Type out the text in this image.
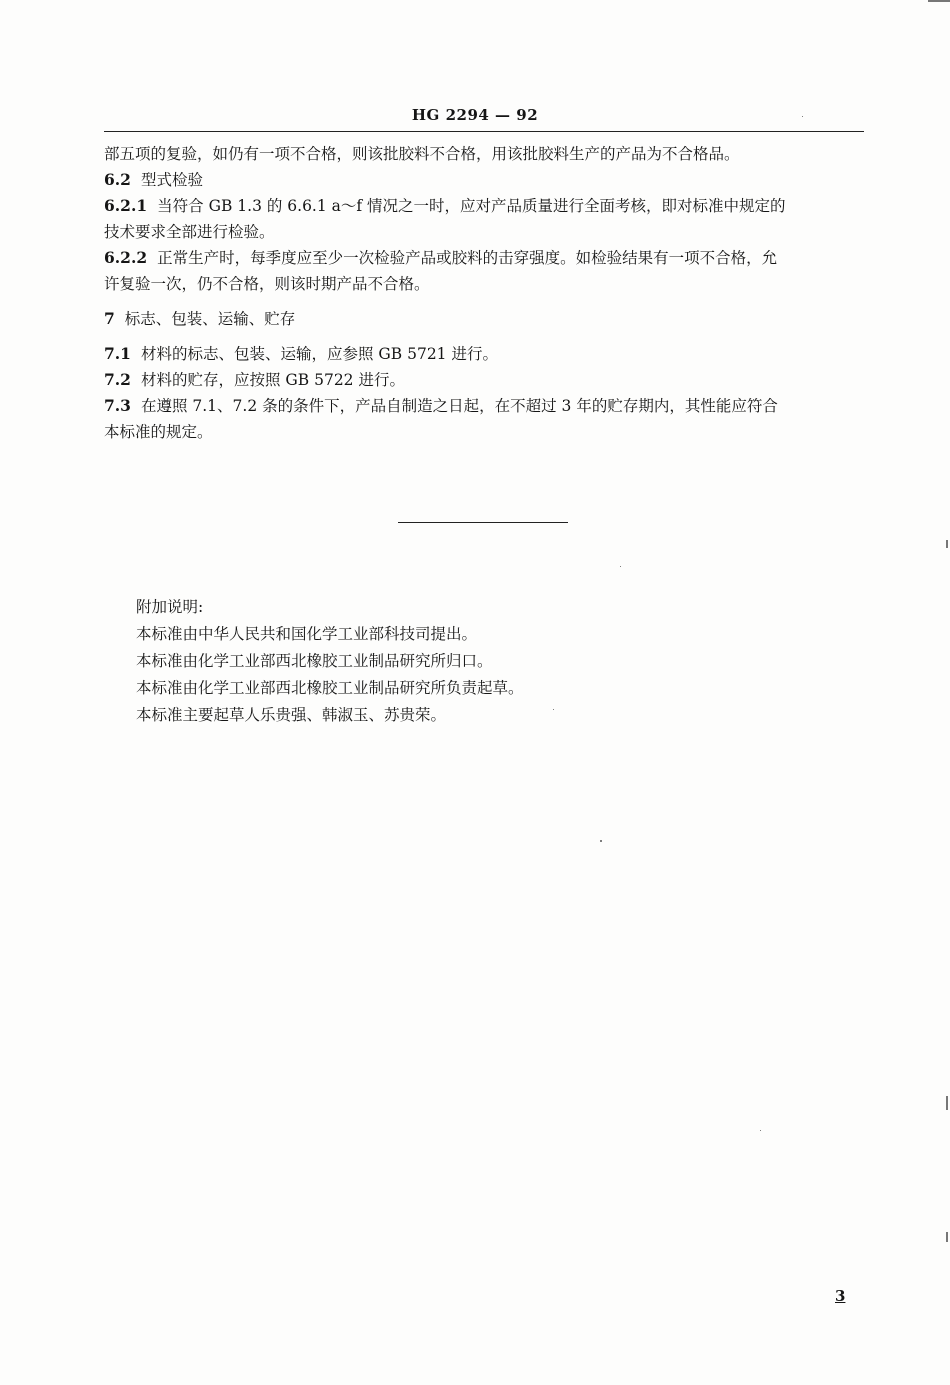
HG 2294 — 92
部五项的复验，如仍有一项不合格，则该批胶料不合格，用该批胶料生产的产品为不合格品。
6.2 型式检验
6.2.1 当符合 GB 1.3 的 6.6.1 a～f 情况之一时，应对产品质量进行全面考核，即对标准中规定的
技术要求全部进行检验。
6.2.2 正常生产时，每季度应至少一次检验产品或胶料的击穿强度。如检验结果有一项不合格，允
许复验一次，仍不合格，则该时期产品不合格。
7 标志、包装、运输、贮存
7.1 材料的标志、包装、运输，应参照 GB 5721 进行。
7.2 材料的贮存，应按照 GB 5722 进行。
7.3 在遵照 7.1、7.2 条的条件下，产品自制造之日起，在不超过 3 年的贮存期内，其性能应符合
本标准的规定。
附加说明:
本标准由中华人民共和国化学工业部科技司提出。
本标准由化学工业部西北橡胶工业制品研究所归口。
本标准由化学工业部西北橡胶工业制品研究所负责起草。
本标准主要起草人乐贵强、韩淑玉、苏贵荣。
3
